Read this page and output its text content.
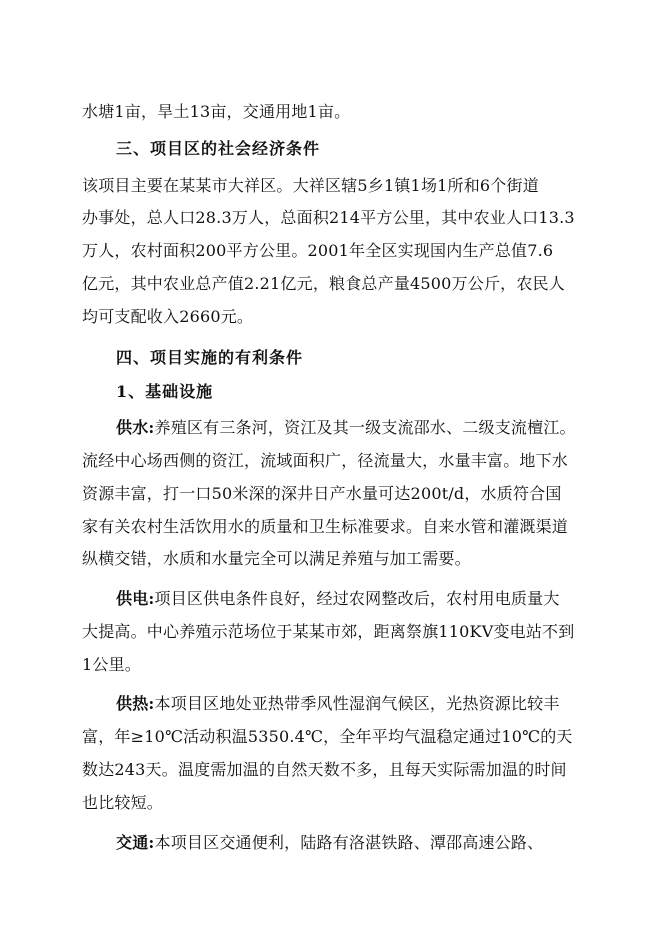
水塘1亩，旱土13亩，交通用地1亩。
三、项目区的社会经济条件
该项目主要在某某市大祥区。大祥区辖5乡1镇1场1所和6个街道
办事处，总人口28.3万人，总面积214平方公里，其中农业人口13.3
万人，农村面积200平方公里。2001年全区实现国内生产总值7.6
亿元，其中农业总产值2.21亿元，粮食总产量4500万公斤，农民人
均可支配收入2660元。
四、项目实施的有利条件
1、基础设施
供水:养殖区有三条河，资江及其一级支流邵水、二级支流檀江。
流经中心场西侧的资江，流域面积广，径流量大，水量丰富。地下水
资源丰富，打一口50米深的深井日产水量可达200t/d，水质符合国
家有关农村生活饮用水的质量和卫生标准要求。自来水管和灌溉渠道
纵横交错，水质和水量完全可以满足养殖与加工需要。
供电:项目区供电条件良好，经过农网整改后，农村用电质量大
大提高。中心养殖示范场位于某某市郊，距离祭旗110KV变电站不到
1公里。
供热:本项目区地处亚热带季风性湿润气候区，光热资源比较丰
富，年≥10℃活动积温5350.4℃，全年平均气温稳定通过10℃的天
数达243天。温度需加温的自然天数不多，且每天实际需加温的时间
也比较短。
交通:本项目区交通便利，陆路有洛湛铁路、潭邵高速公路、
